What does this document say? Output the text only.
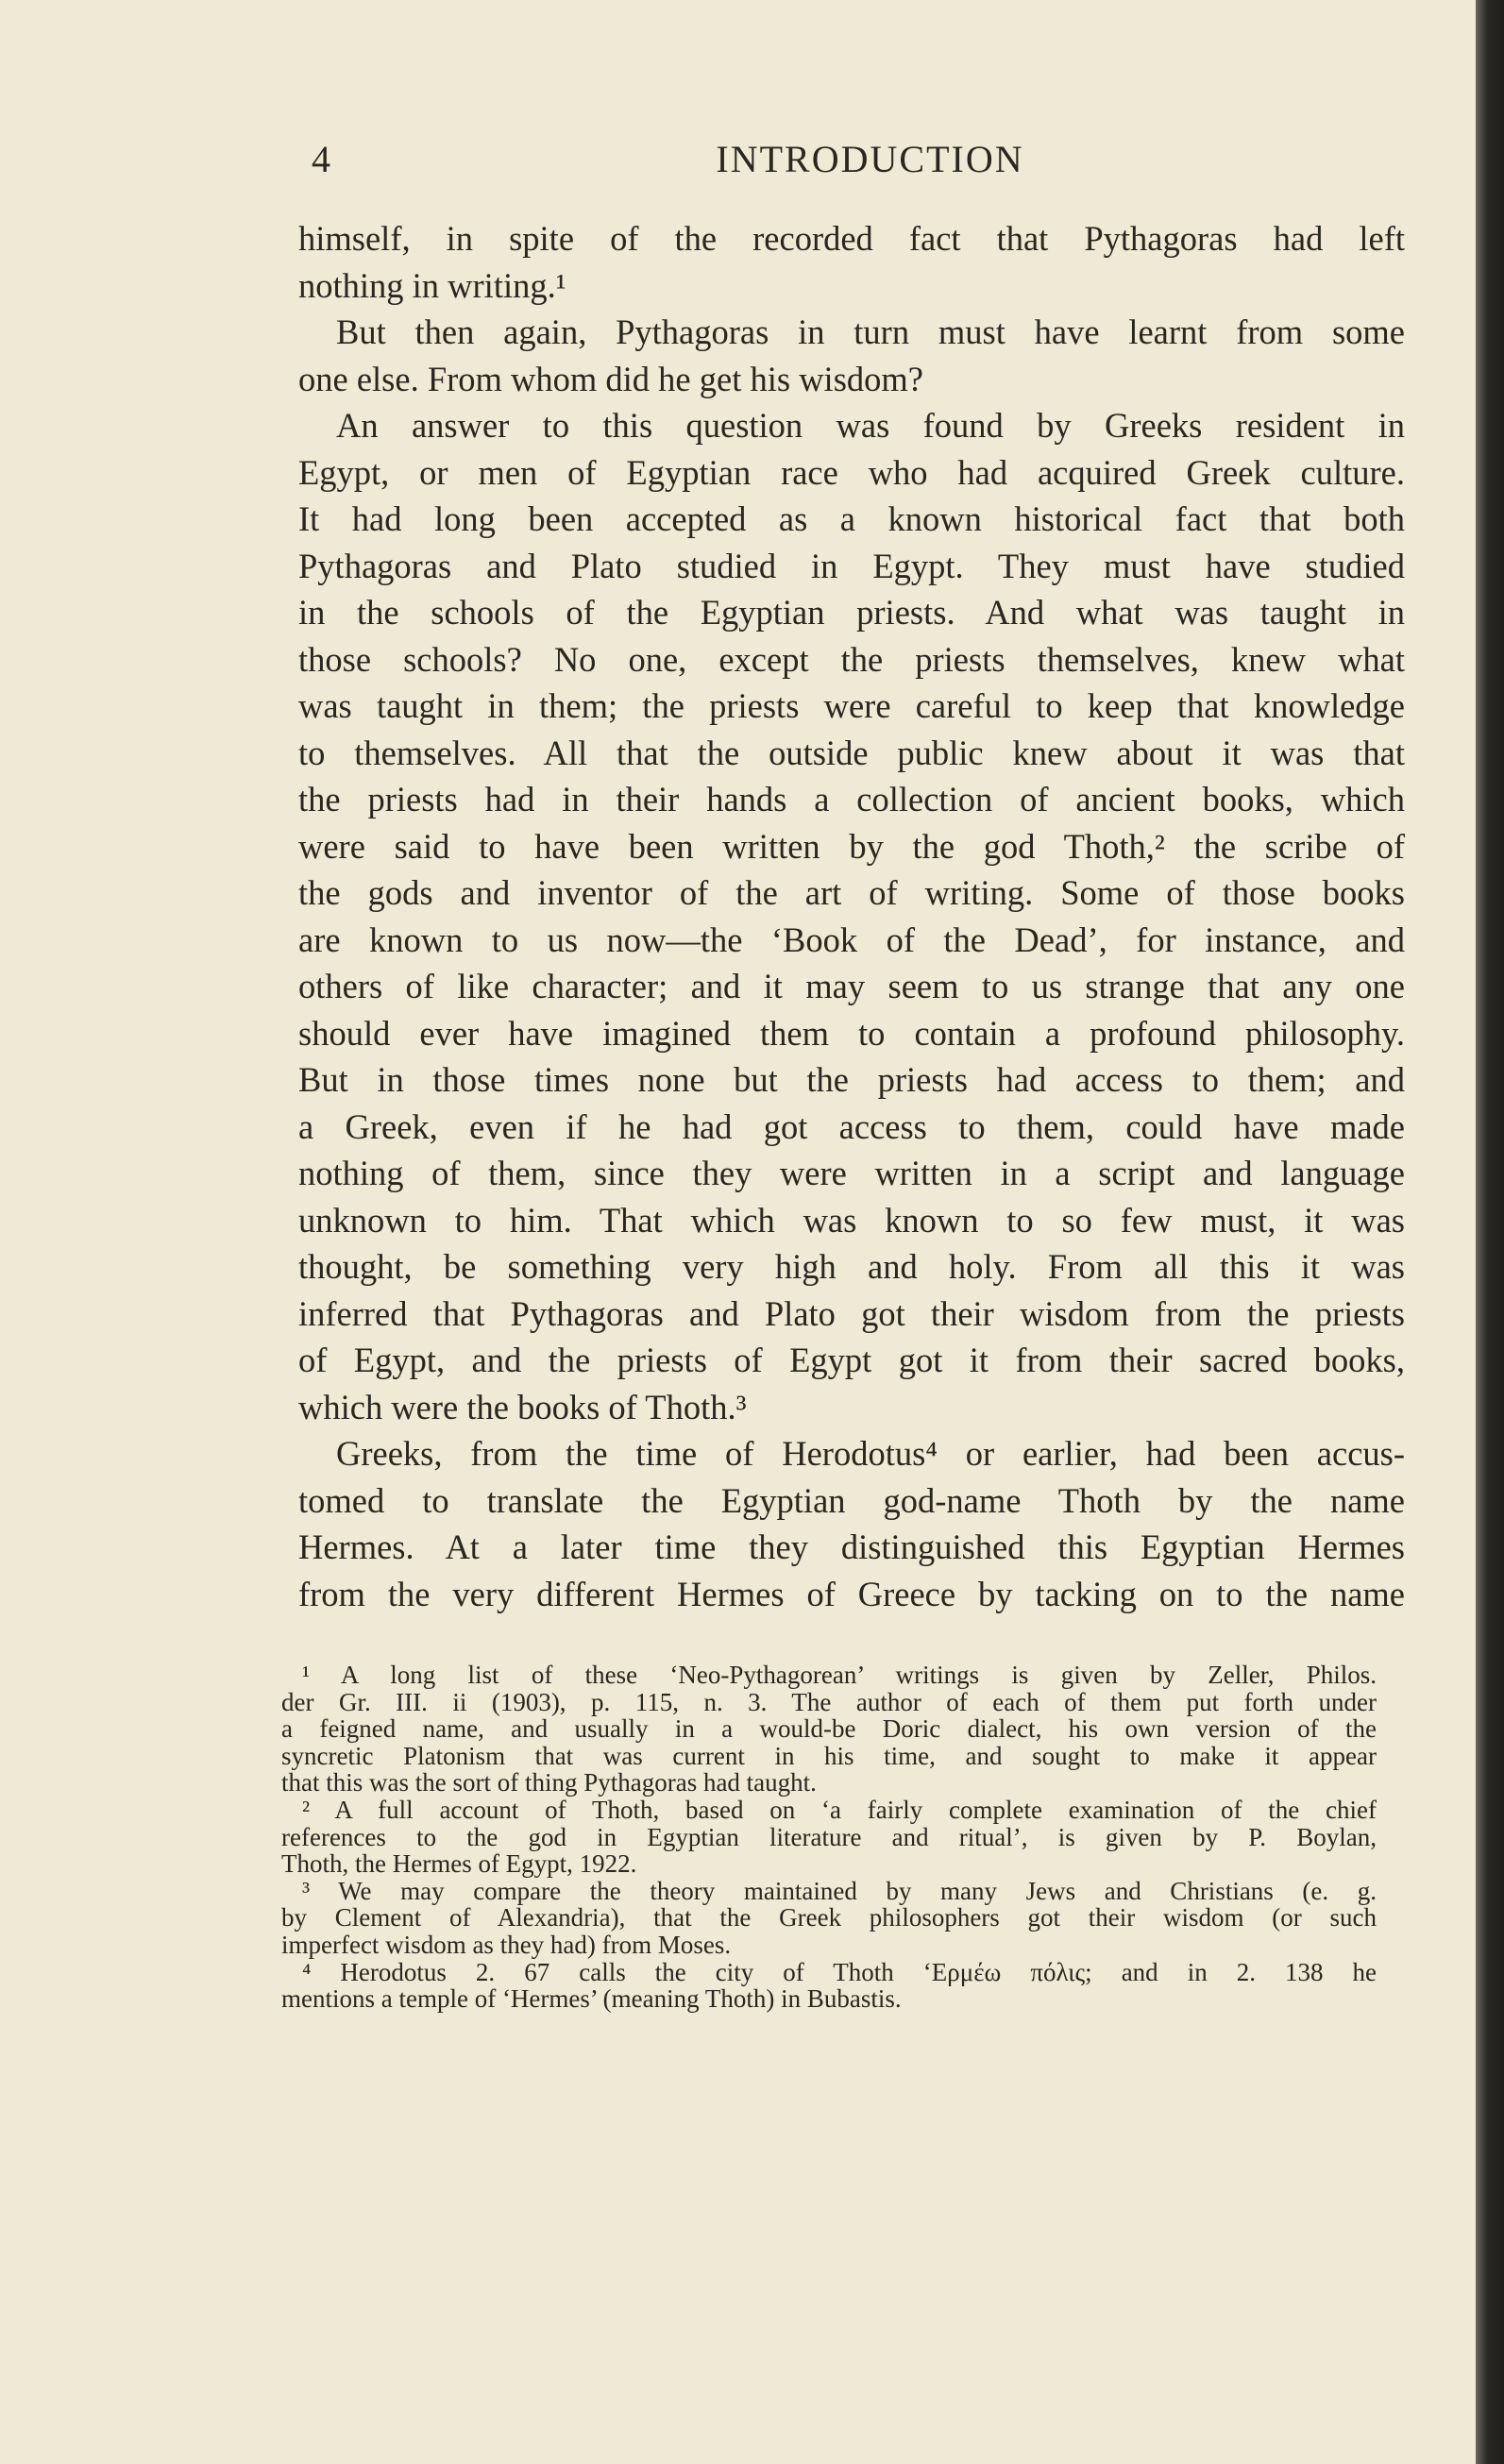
4	INTRODUCTION
himself, in spite of the recorded fact that Pythagoras had left
nothing in writing.¹
But then again, Pythagoras in turn must have learnt from some
one else. From whom did he get his wisdom?
An answer to this question was found by Greeks resident in
Egypt, or men of Egyptian race who had acquired Greek culture.
It had long been accepted as a known historical fact that both
Pythagoras and Plato studied in Egypt. They must have studied
in the schools of the Egyptian priests. And what was taught in
those schools? No one, except the priests themselves, knew what
was taught in them; the priests were careful to keep that knowledge
to themselves. All that the outside public knew about it was that
the priests had in their hands a collection of ancient books, which
were said to have been written by the god Thoth,² the scribe of
the gods and inventor of the art of writing. Some of those books
are known to us now—the ‘Book of the Dead’, for instance, and
others of like character; and it may seem to us strange that any one
should ever have imagined them to contain a profound philosophy.
But in those times none but the priests had access to them; and
a Greek, even if he had got access to them, could have made
nothing of them, since they were written in a script and language
unknown to him. That which was known to so few must, it was
thought, be something very high and holy. From all this it was
inferred that Pythagoras and Plato got their wisdom from the priests
of Egypt, and the priests of Egypt got it from their sacred books,
which were the books of Thoth.³
Greeks, from the time of Herodotus⁴ or earlier, had been accus-
tomed to translate the Egyptian god-name Thoth by the name
Hermes. At a later time they distinguished this Egyptian Hermes
from the very different Hermes of Greece by tacking on to the name
¹ A long list of these ‘Neo-Pythagorean’ writings is given by Zeller, Philos.
der Gr. III. ii (1903), p. 115, n. 3. The author of each of them put forth under
a feigned name, and usually in a would-be Doric dialect, his own version of the
syncretic Platonism that was current in his time, and sought to make it appear
that this was the sort of thing Pythagoras had taught.
² A full account of Thoth, based on ‘a fairly complete examination of the chief
references to the god in Egyptian literature and ritual’, is given by P. Boylan,
Thoth, the Hermes of Egypt, 1922.
³ We may compare the theory maintained by many Jews and Christians (e. g.
by Clement of Alexandria), that the Greek philosophers got their wisdom (or such
imperfect wisdom as they had) from Moses.
⁴ Herodotus 2. 67 calls the city of Thoth ‘Ερμέω πόλις; and in 2. 138 he
mentions a temple of ‘Hermes’ (meaning Thoth) in Bubastis.
